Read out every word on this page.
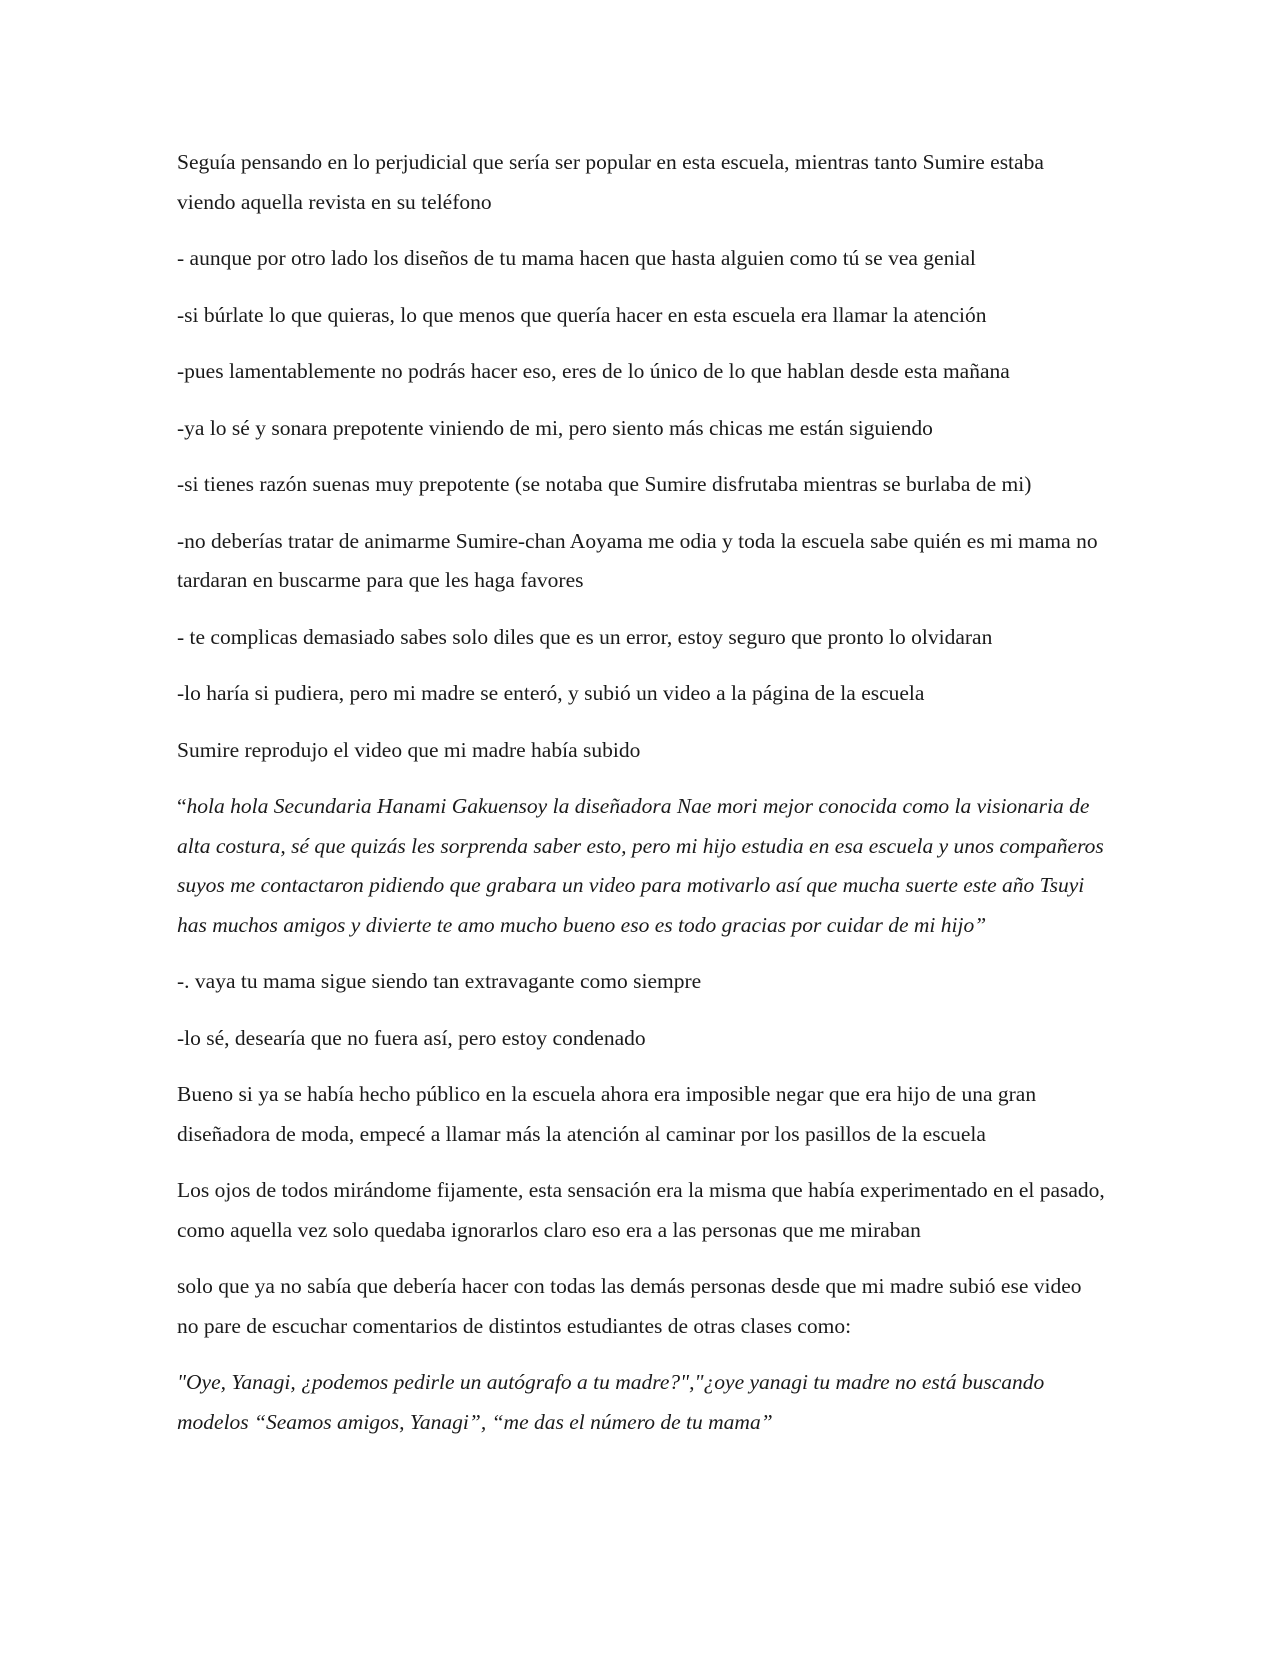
Seguía pensando en lo perjudicial que sería ser popular en esta escuela, mientras tanto Sumire estaba viendo aquella revista en su teléfono

- aunque por otro lado los diseños de tu mama hacen que hasta alguien como tú se vea genial

-si búrlate lo que quieras, lo que menos que quería hacer en esta escuela era llamar la atención

-pues lamentablemente no podrás hacer eso, eres de lo único de lo que hablan desde esta mañana

-ya lo sé y sonara prepotente viniendo de mi, pero siento más chicas me están siguiendo

-si tienes razón suenas muy prepotente (se notaba que Sumire disfrutaba mientras se burlaba de mi)

-no deberías tratar de animarme Sumire-chan Aoyama me odia y toda la escuela sabe quién es mi mama no tardaran en buscarme para que les haga favores

- te complicas demasiado sabes solo diles que es un error, estoy seguro que pronto lo olvidaran

-lo haría si pudiera, pero mi madre se enteró, y subió un video a la página de la escuela

Sumire reprodujo el video que mi madre había subido

“hola hola Secundaria Hanami Gakuensoy la diseñadora Nae mori mejor conocida como la visionaria de alta costura, sé que quizás les sorprenda saber esto, pero mi hijo estudia en esa escuela y unos compañeros suyos me contactaron pidiendo que grabara un video para motivarlo así que mucha suerte este año Tsuyi has muchos amigos y divierte te amo mucho bueno eso es todo gracias por cuidar de mi hijo”

-. vaya tu mama sigue siendo tan extravagante como siempre

-lo sé, desearía que no fuera así, pero estoy condenado

Bueno si ya se había hecho público en la escuela ahora era imposible negar que era hijo de una gran diseñadora de moda, empecé a llamar más la atención al caminar por los pasillos de la escuela

Los ojos de todos mirándome fijamente, esta sensación era la misma que había experimentado en el pasado, como aquella vez solo quedaba ignorarlos claro eso era a las personas que me miraban

solo que ya no sabía que debería hacer con todas las demás personas desde que mi madre subió ese video no pare de escuchar comentarios de distintos estudiantes de otras clases como:

"Oye, Yanagi, ¿podemos pedirle un autógrafo a tu madre?","¿oye yanagi tu madre no está buscando modelos “Seamos amigos, Yanagi”, “me das el número de tu mama”
